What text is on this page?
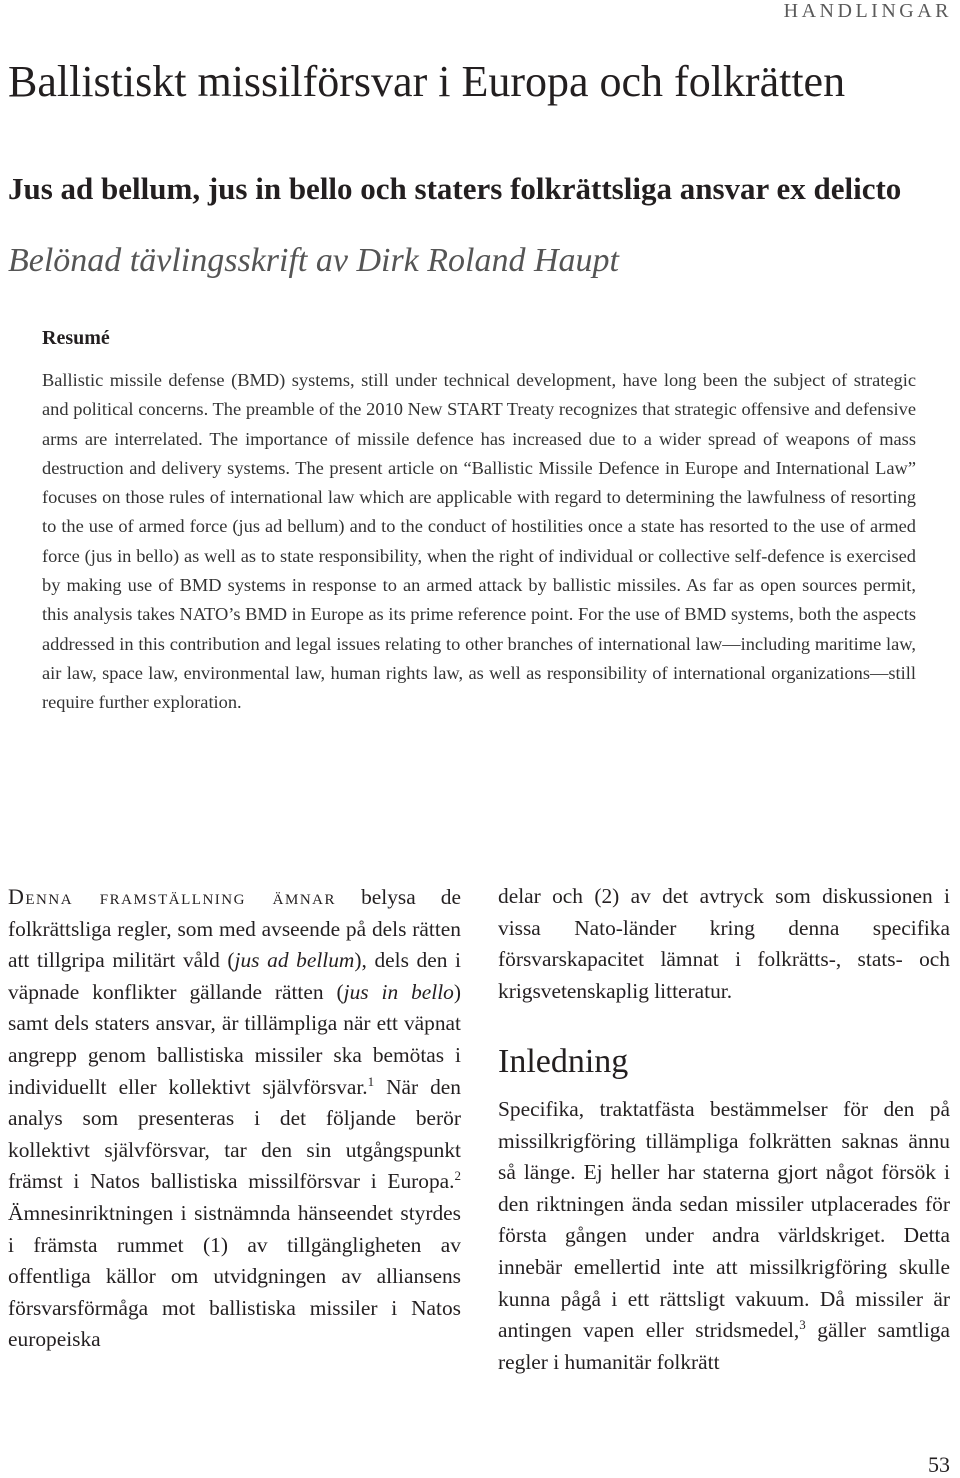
HANDLINGAR
Ballistiskt missilförsvar i Europa och folkrätten
Jus ad bellum, jus in bello och staters folkrättsliga ansvar ex delicto
Belönad tävlingsskrift av Dirk Roland Haupt
Resumé

Ballistic missile defense (BMD) systems, still under technical development, have long been the subject of strategic and political concerns. The preamble of the 2010 New START Treaty recognizes that strategic offensive and defensive arms are interrelated. The importance of missile defence has increased due to a wider spread of weapons of mass destruction and delivery systems. The present article on “Ballistic Missile Defence in Europe and International Law” focuses on those rules of international law which are applicable with regard to determining the lawfulness of resorting to the use of armed force (jus ad bellum) and to the conduct of hostilities once a state has resorted to the use of armed force (jus in bello) as well as to state responsibility, when the right of individual or collective self-defence is exercised by making use of BMD systems in response to an armed attack by ballistic missiles. As far as open sources permit, this analysis takes NATO’s BMD in Europe as its prime reference point. For the use of BMD systems, both the aspects addressed in this contribution and legal issues relating to other branches of international law—including maritime law, air law, space law, environmental law, human rights law, as well as responsibility of international organizations—still require further exploration.

Denna framställning ämnar belysa de folkrättsliga regler, som med avseende på dels rätten att tillgripa militärt våld (jus ad bellum), dels den i väpnade konflikter gällande rätten (jus in bello) samt dels staters ansvar, är tillämpliga när ett väpnat angrepp genom ballistiska missiler ska bemötas i individuellt eller kollektivt självförsvar.$^1$ När den analys som presenteras i det följande berör kollektivt självförsvar, tar den sin utgångspunkt främst i Natos ballistiska missilförsvar i Europa.$^2$ Ämnesinriktningen i sistnämnda hänseendet styrdes i främsta rummet (1) av tillgängligheten av offentliga källor om utvidgningen av alliansens försvarsförmåga mot ballistiska missiler i Natos europeiska

delar och (2) av det avtryck som diskussionen i vissa Nato-länder kring denna specifika försvarskapacitet lämnat i folkrätts-, stats- och krigsvetenskaplig litteratur.

Inledning

Specifika, traktatfästa bestämmelser för den på missilkrigföring tillämpliga folkrätten saknas ännu så länge. Ej heller har staterna gjort något försök i den riktningen ända sedan missiler utplacerades för första gången under andra världskriget. Detta innebär emellertid inte att missilkrigföring skulle kunna pågå i ett rättsligt vakuum. Då missiler är antingen vapen eller stridsmedel,$^3$ gäller samtliga regler i humanitär folkrätt

53
